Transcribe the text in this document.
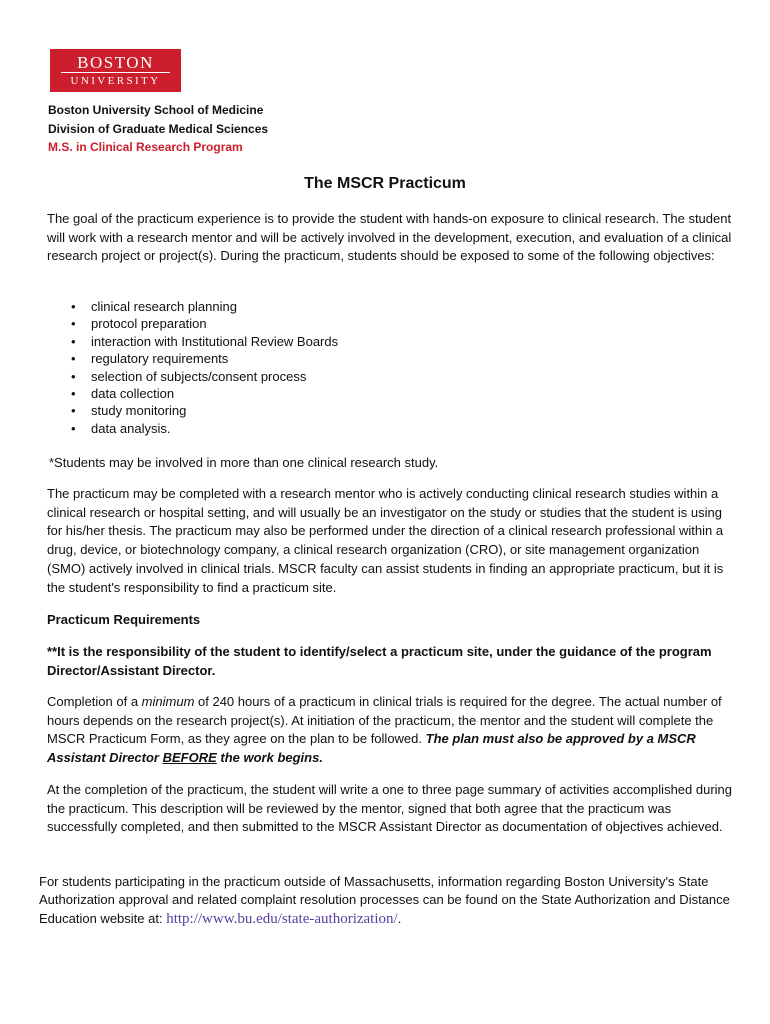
BOSTON
UNIVERSITY
Boston University School of Medicine
Division of Graduate Medical Sciences
M.S. in Clinical Research Program
The MSCR Practicum

The goal of the practicum experience is to provide the student with hands-on exposure to clinical research. The student will work with a research mentor and will be actively involved in the development, execution, and evaluation of a clinical research project or project(s). During the practicum, students should be exposed to some of the following objectives:

• clinical research planning
• protocol preparation
• interaction with Institutional Review Boards
• regulatory requirements
• selection of subjects/consent process
• data collection
• study monitoring
• data analysis.

*Students may be involved in more than one clinical research study.

The practicum may be completed with a research mentor who is actively conducting clinical research studies within a clinical research or hospital setting, and will usually be an investigator on the study or studies that the student is using for his/her thesis. The practicum may also be performed under the direction of a clinical research professional within a drug, device, or biotechnology company, a clinical research organization (CRO), or site management organization (SMO) actively involved in clinical trials. MSCR faculty can assist students in finding an appropriate practicum, but it is the student's responsibility to find a practicum site.

Practicum Requirements

**It is the responsibility of the student to identify/select a practicum site, under the guidance of the program Director/Assistant Director.

Completion of a minimum of 240 hours of a practicum in clinical trials is required for the degree. The actual number of hours depends on the research project(s). At initiation of the practicum, the mentor and the student will complete the MSCR Practicum Form, as they agree on the plan to be followed. The plan must also be approved by a MSCR Assistant Director BEFORE the work begins.

At the completion of the practicum, the student will write a one to three page summary of activities accomplished during the practicum. This description will be reviewed by the mentor, signed that both agree that the practicum was successfully completed, and then submitted to the MSCR Assistant Director as documentation of objectives achieved.

For students participating in the practicum outside of Massachusetts, information regarding Boston University's State Authorization approval and related complaint resolution processes can be found on the State Authorization and Distance Education website at: http://www.bu.edu/state-authorization/.
